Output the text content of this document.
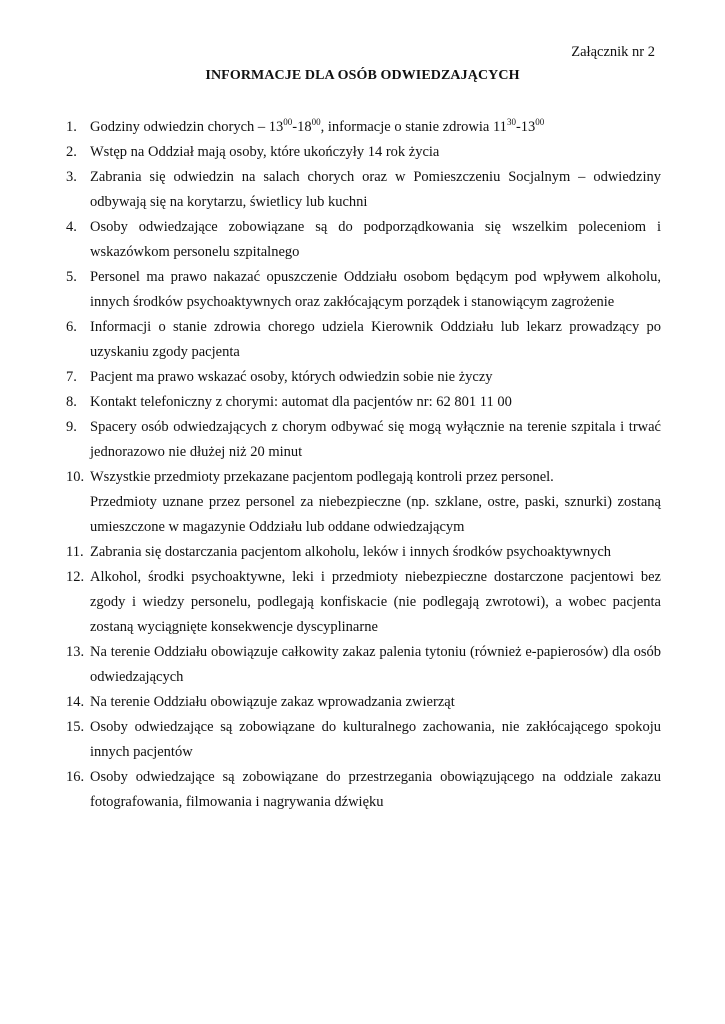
Załącznik nr 2
INFORMACJE DLA OSÓB ODWIEDZAJĄCYCH
1. Godziny odwiedzin chorych – $13^{00}-18^{00}$, informacje o stanie zdrowia $11^{30}-13^{00}$
2. Wstęp na Oddział mają osoby, które ukończyły 14 rok życia
3. Zabrania się odwiedzin na salach chorych oraz w Pomieszczeniu Socjalnym – odwiedziny odbywają się na korytarzu, świetlicy lub kuchni
4. Osoby odwiedzające zobowiązane są do podporządkowania się wszelkim poleceniom i wskazówkom personelu szpitalnego
5. Personel ma prawo nakazać opuszczenie Oddziału osobom będącym pod wpływem alkoholu, innych środków psychoaktywnych oraz zakłócającym porządek i stanowiącym zagrożenie
6. Informacji o stanie zdrowia chorego udziela Kierownik Oddziału lub lekarz prowadzący po uzyskaniu zgody pacjenta
7. Pacjent ma prawo wskazać osoby, których odwiedzin sobie nie życzy
8. Kontakt telefoniczny z chorymi: automat dla pacjentów nr: 62 801 11 00
9. Spacery osób odwiedzających z chorym odbywać się mogą wyłącznie na terenie szpitala i trwać jednorazowo nie dłużej niż 20 minut
10. Wszystkie przedmioty przekazane pacjentom podlegają kontroli przez personel.
Przedmioty uznane przez personel za niebezpieczne (np. szklane, ostre, paski, sznurki) zostaną umieszczone w magazynie Oddziału lub oddane odwiedzającym
11. Zabrania się dostarczania pacjentom alkoholu, leków i innych środków psychoaktywnych
12. Alkohol, środki psychoaktywne, leki i przedmioty niebezpieczne dostarczone pacjentowi bez zgody i wiedzy personelu, podlegają konfiskacie (nie podlegają zwrotowi), a wobec pacjenta zostaną wyciągnięte konsekwencje dyscyplinarne
13. Na terenie Oddziału obowiązuje całkowity zakaz palenia tytoniu (również e-papierosów) dla osób odwiedzających
14. Na terenie Oddziału obowiązuje zakaz wprowadzania zwierząt
15. Osoby odwiedzające są zobowiązane do kulturalnego zachowania, nie zakłócającego spokoju innych pacjentów
16. Osoby odwiedzające są zobowiązane do przestrzegania obowiązującego na oddziale zakazu fotografowania, filmowania i nagrywania dźwięku
